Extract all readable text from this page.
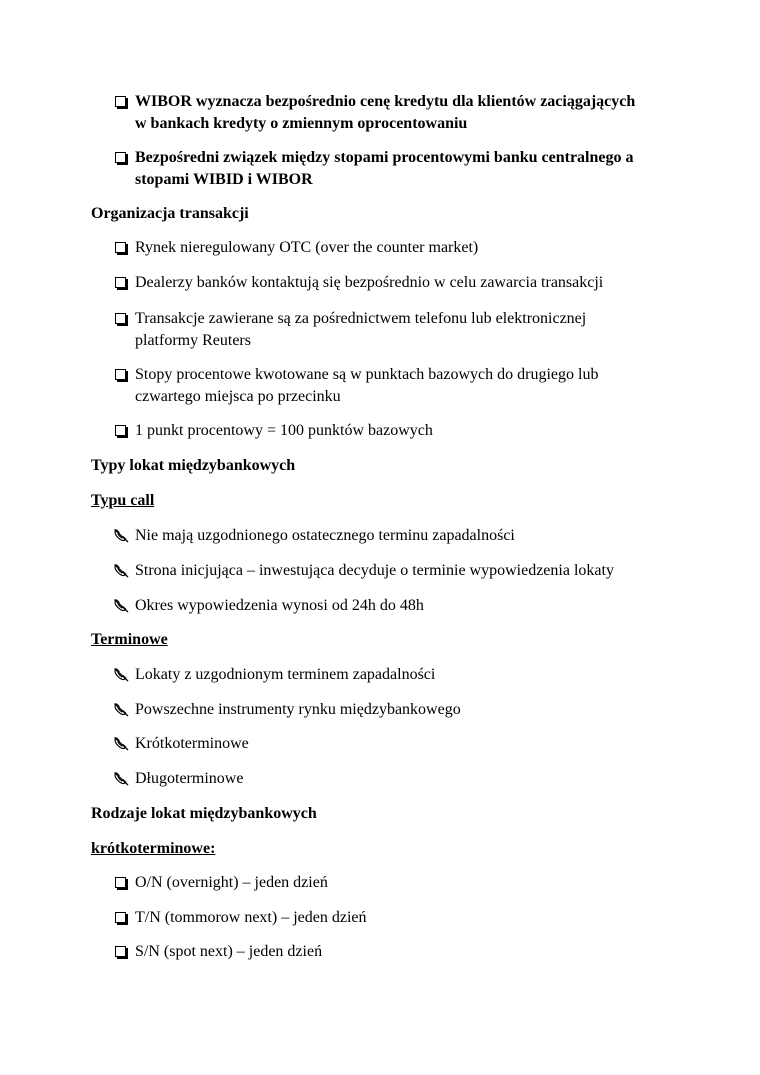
WIBOR wyznacza bezpośrednio cenę kredytu dla klientów zaciągających
w bankach kredyty o zmiennym oprocentowaniu
Bezpośredni związek między stopami procentowymi banku centralnego a
stopami WIBID i WIBOR
Organizacja transakcji
Rynek nieregulowany OTC (over the counter market)
Dealerzy banków kontaktują się bezpośrednio w celu zawarcia transakcji
Transakcje zawierane są za pośrednictwem telefonu lub elektronicznej
platformy Reuters
Stopy procentowe kwotowane są w punktach bazowych do drugiego lub
czwartego miejsca po przecinku
1 punkt procentowy = 100 punktów bazowych
Typy lokat międzybankowych
Typu call
Nie mają uzgodnionego ostatecznego terminu zapadalności
Strona inicjująca – inwestująca decyduje o terminie wypowiedzenia lokaty
Okres wypowiedzenia wynosi od 24h do 48h
Terminowe
Lokaty z uzgodnionym terminem zapadalności
Powszechne instrumenty rynku międzybankowego
Krótkoterminowe
Długoterminowe
Rodzaje lokat międzybankowych
krótkoterminowe:
O/N (overnight) – jeden dzień
T/N (tommorow next) – jeden dzień
S/N (spot next) – jeden dzień
